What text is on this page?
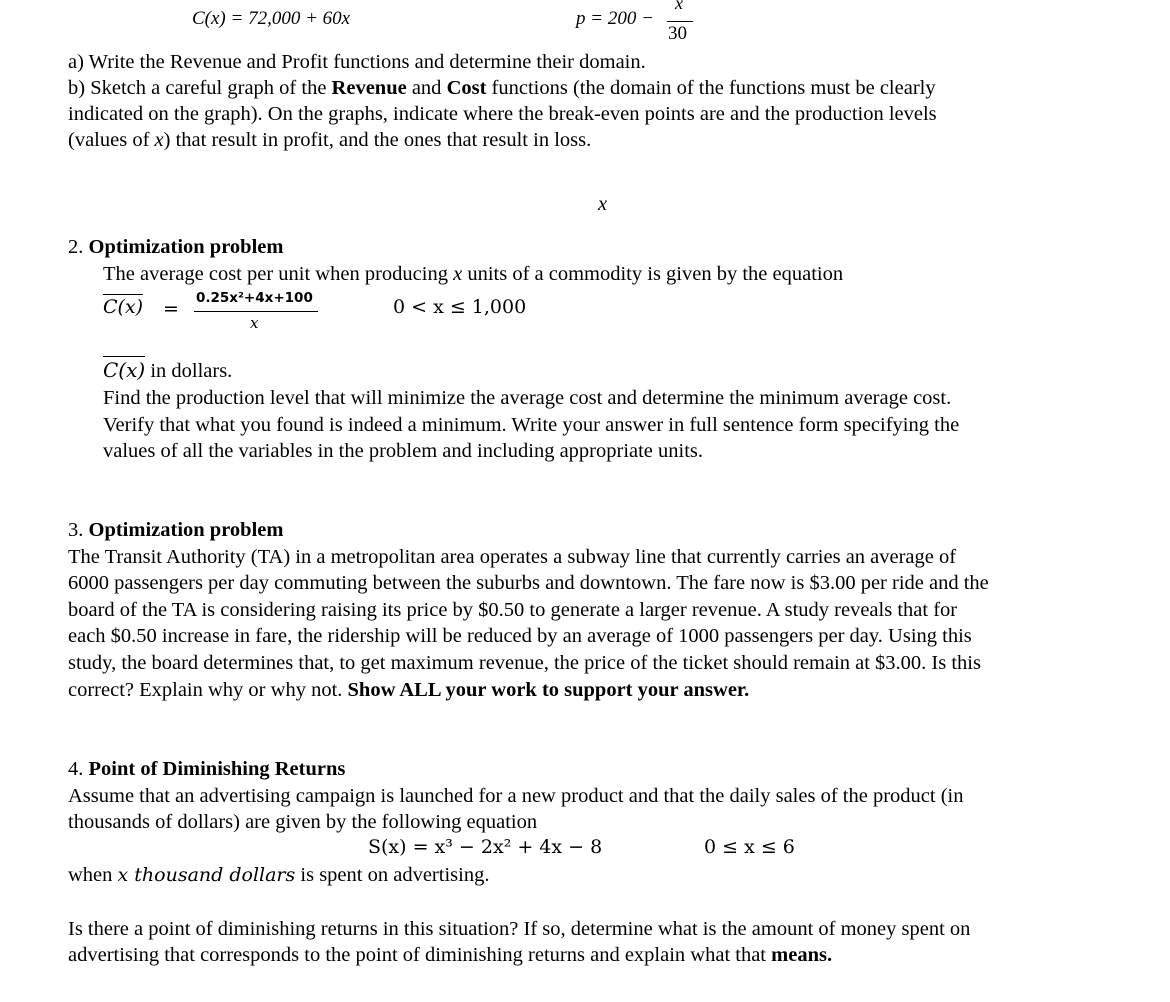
C(x) = 72,000 + 60x	p = 200 −
x
30
a) Write the Revenue and Profit functions and determine their domain.
b) Sketch a careful graph of the Revenue and Cost functions (the domain of the functions must be clearly
indicated on the graph). On the graphs, indicate where the break-even points are and the production levels
(values of x) that result in profit, and the ones that result in loss.
x
2. Optimization problem
The average cost per unit when producing x units of a commodity is given by the equation
C(x) = 0.25x²+4x+100
x
0 < x ≤ 1,000
C(x) in dollars.
Find the production level that will minimize the average cost and determine the minimum average cost.
Verify that what you found is indeed a minimum. Write your answer in full sentence form specifying the
values of all the variables in the problem and including appropriate units.
3. Optimization problem
The Transit Authority (TA) in a metropolitan area operates a subway line that currently carries an average of
6000 passengers per day commuting between the suburbs and downtown. The fare now is $3.00 per ride and the
board of the TA is considering raising its price by $0.50 to generate a larger revenue. A study reveals that for
each $0.50 increase in fare, the ridership will be reduced by an average of 1000 passengers per day. Using this
study, the board determines that, to get maximum revenue, the price of the ticket should remain at $3.00. Is this
correct? Explain why or why not. Show ALL your work to support your answer.
4. Point of Diminishing Returns
Assume that an advertising campaign is launched for a new product and that the daily sales of the product (in
thousands of dollars) are given by the following equation
S(x) = x³ − 2x² + 4x − 8	0 ≤ x ≤ 6
when x thousand dollars is spent on advertising.
Is there a point of diminishing returns in this situation? If so, determine what is the amount of money spent on
advertising that corresponds to the point of diminishing returns and explain what that means.
